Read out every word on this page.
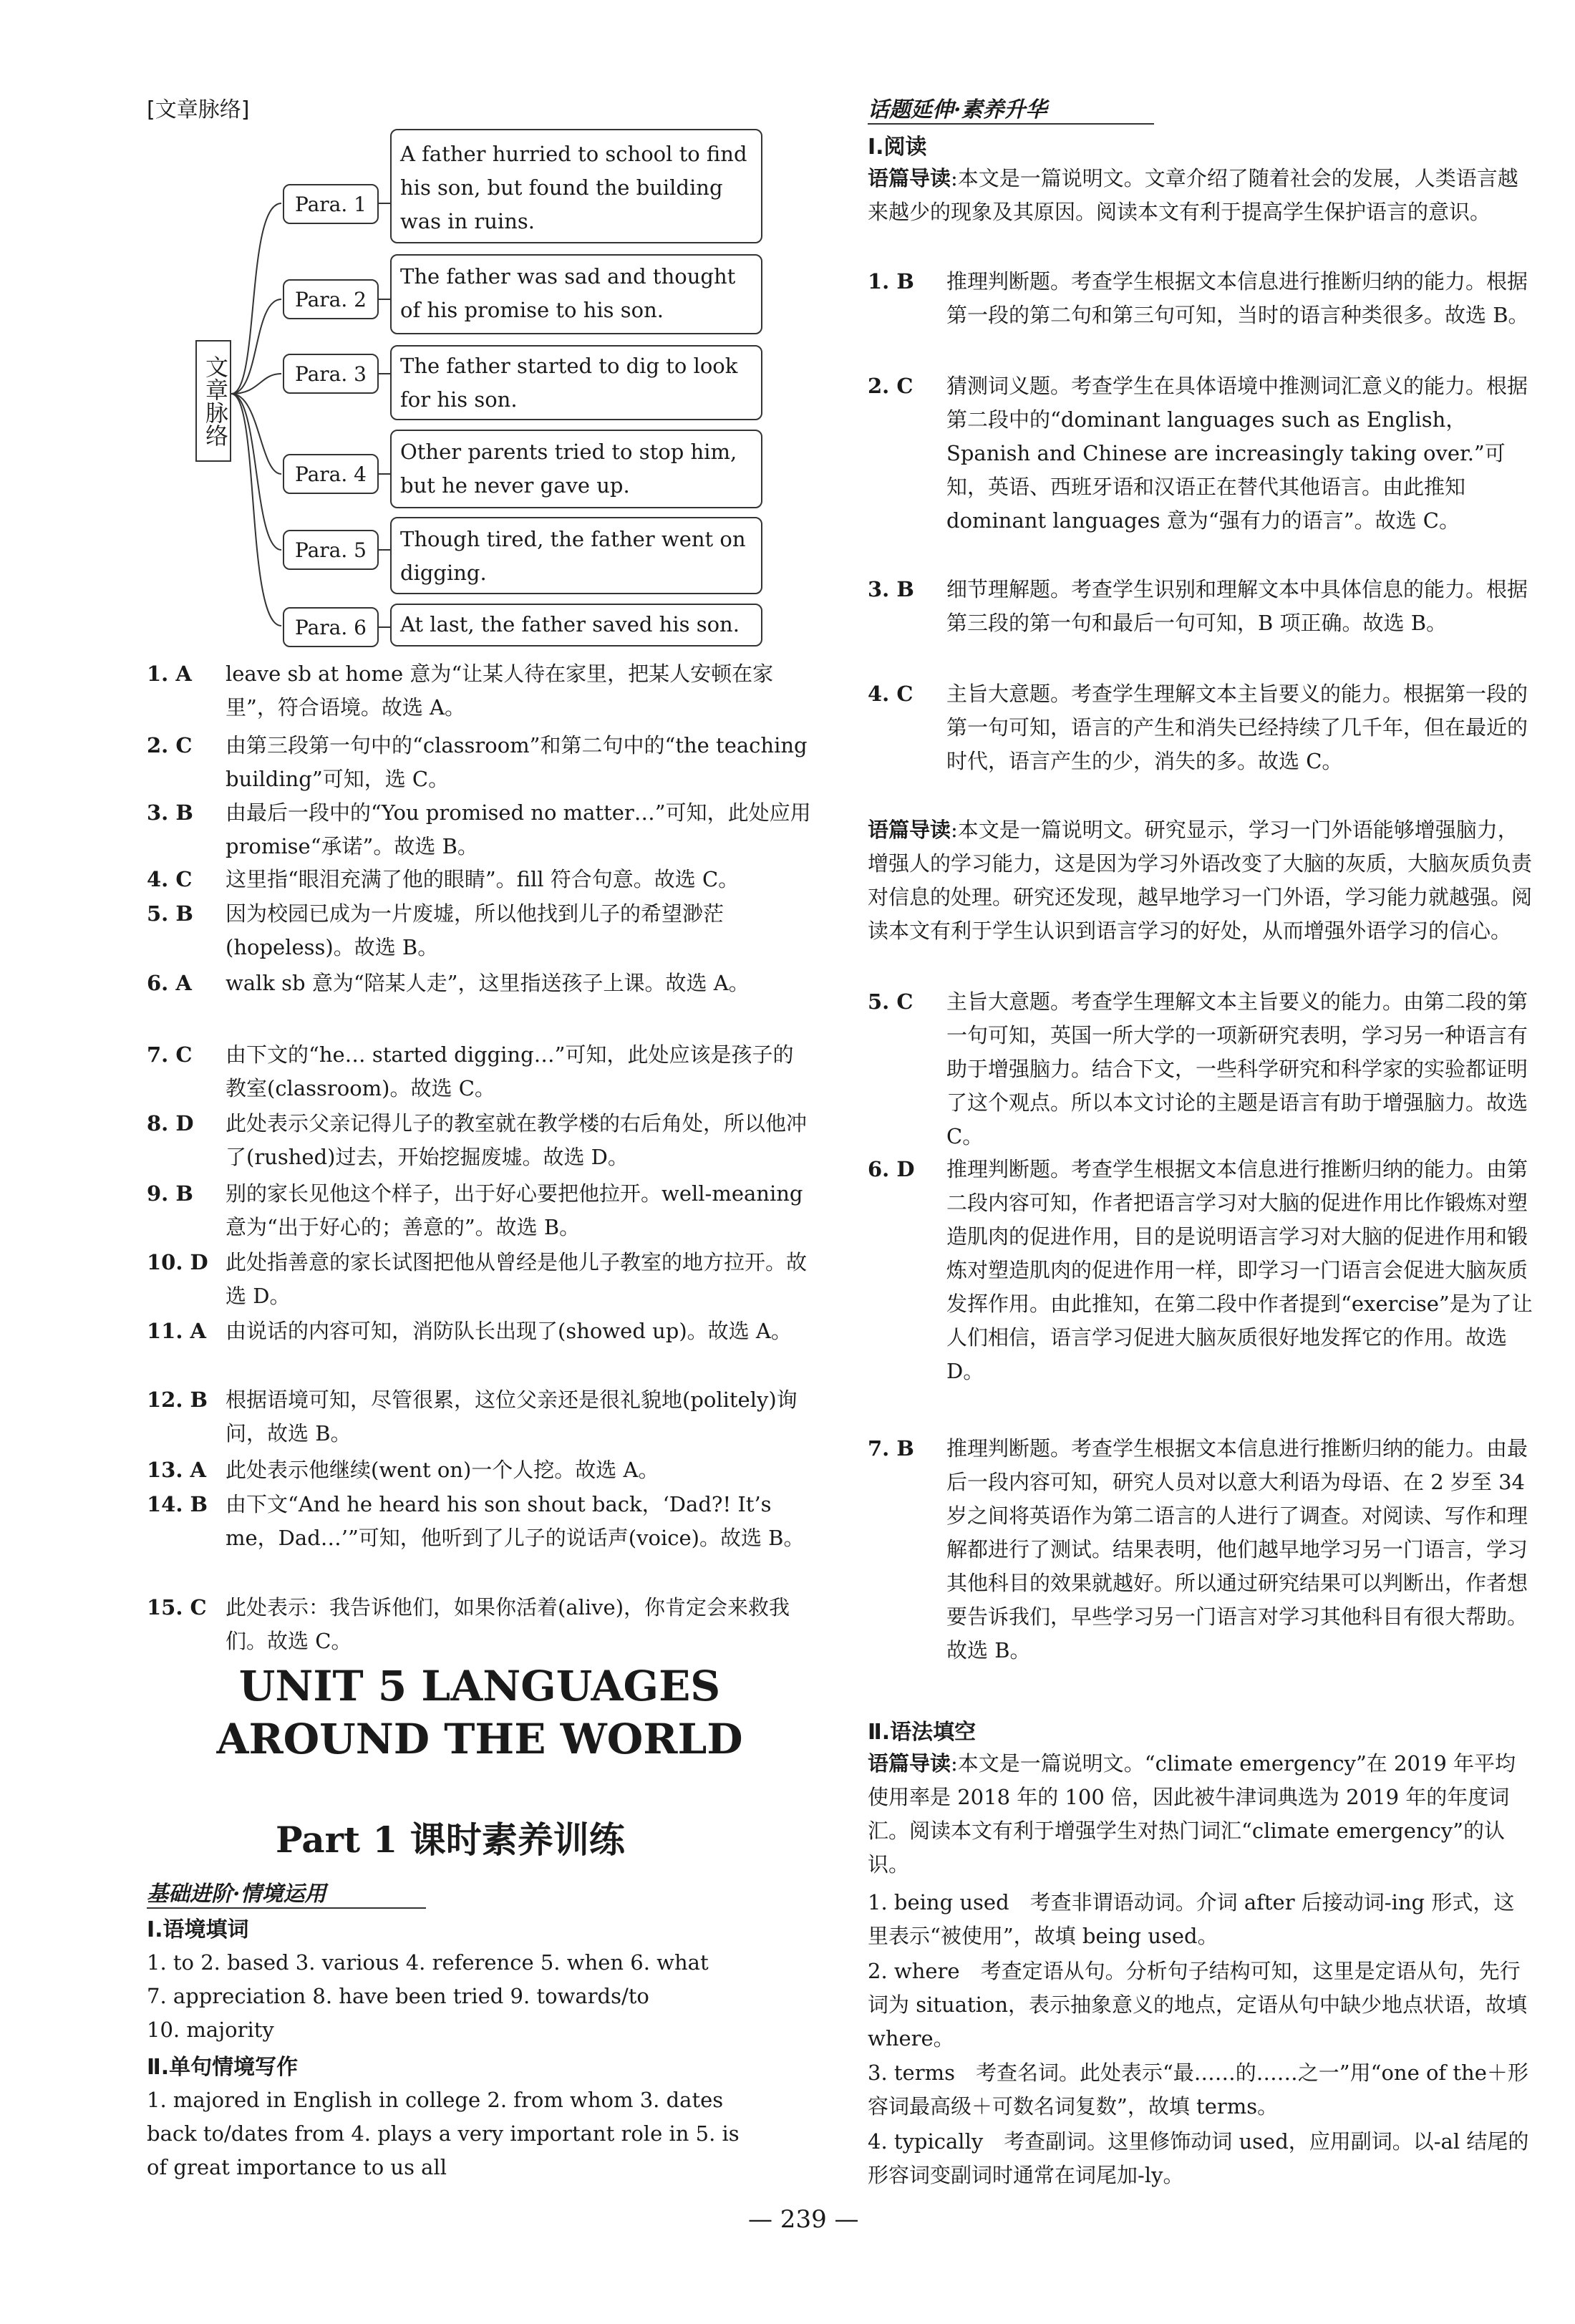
[文章脉络]
文章脉络
Para. 1
Para. 2
Para. 3
Para. 4
Para. 5
Para. 6
A father hurried to school to find his son, but found the building was in ruins.
The father was sad and thought of his promise to his son.
The father started to dig to look for his son.
Other parents tried to stop him, but he never gave up.
Though tired, the father went on digging.
At last, the father saved his son.
1. A leave sb at home 意为“让某人待在家里，把某人安顿在家里”，符合语境。故选 A。
2. C 由第三段第一句中的“classroom”和第二句中的“the teaching building”可知，选 C。
3. B 由最后一段中的“You promised no matter…”可知，此处应用 promise“承诺”。故选 B。
4. C 这里指“眼泪充满了他的眼睛”。fill 符合句意。故选 C。
5. B 因为校园已成为一片废墟，所以他找到儿子的希望渺茫(hopeless)。故选 B。
6. A walk sb 意为“陪某人走”，这里指送孩子上课。故选 A。
7. C 由下文的“he… started digging…”可知，此处应该是孩子的教室(classroom)。故选 C。
8. D 此处表示父亲记得儿子的教室就在教学楼的右后角处，所以他冲了(rushed)过去，开始挖掘废墟。故选 D。
9. B 别的家长见他这个样子，出于好心要把他拉开。well-meaning 意为“出于好心的；善意的”。故选 B。
10. D 此处指善意的家长试图把他从曾经是他儿子教室的地方拉开。故选 D。
11. A 由说话的内容可知，消防队长出现了(showed up)。故选 A。
12. B 根据语境可知，尽管很累，这位父亲还是很礼貌地(politely)询问，故选 B。
13. A 此处表示他继续(went on)一个人挖。故选 A。
14. B 由下文“And he heard his son shout back，‘Dad?! It’s me，Dad…’”可知，他听到了儿子的说话声(voice)。故选 B。
15. C 此处表示：我告诉他们，如果你活着(alive)，你肯定会来救我们。故选 C。
UNIT 5 LANGUAGES
AROUND THE WORLD
Part 1 课时素养训练
基础进阶·情境运用
Ⅰ.语境填词
1. to 2. based 3. various 4. reference 5. when 6. what
7. appreciation 8. have been tried 9. towards/to
10. majority
Ⅱ.单句情境写作
1. majored in English in college 2. from whom 3. dates
back to/dates from 4. plays a very important role in 5. is
of great importance to us all
话题延伸·素养升华
Ⅰ.阅读
语篇导读:本文是一篇说明文。文章介绍了随着社会的发展，人类语言越来越少的现象及其原因。阅读本文有利于提高学生保护语言的意识。
1. B 推理判断题。考查学生根据文本信息进行推断归纳的能力。根据第一段的第二句和第三句可知，当时的语言种类很多。故选 B。
2. C 猜测词义题。考查学生在具体语境中推测词汇意义的能力。根据第二段中的“dominant languages such as English，Spanish and Chinese are increasingly taking over.”可知，英语、西班牙语和汉语正在替代其他语言。由此推知 dominant languages 意为“强有力的语言”。故选 C。
3. B 细节理解题。考查学生识别和理解文本中具体信息的能力。根据第三段的第一句和最后一句可知，B 项正确。故选 B。
4. C 主旨大意题。考查学生理解文本主旨要义的能力。根据第一段的第一句可知，语言的产生和消失已经持续了几千年，但在最近的时代，语言产生的少，消失的多。故选 C。
语篇导读:本文是一篇说明文。研究显示，学习一门外语能够增强脑力，增强人的学习能力，这是因为学习外语改变了大脑的灰质，大脑灰质负责对信息的处理。研究还发现，越早地学习一门外语，学习能力就越强。阅读本文有利于学生认识到语言学习的好处，从而增强外语学习的信心。
5. C 主旨大意题。考查学生理解文本主旨要义的能力。由第二段的第一句可知，英国一所大学的一项新研究表明，学习另一种语言有助于增强脑力。结合下文，一些科学研究和科学家的实验都证明了这个观点。所以本文讨论的主题是语言有助于增强脑力。故选 C。
6. D 推理判断题。考查学生根据文本信息进行推断归纳的能力。由第二段内容可知，作者把语言学习对大脑的促进作用比作锻炼对塑造肌肉的促进作用，目的是说明语言学习对大脑的促进作用和锻炼对塑造肌肉的促进作用一样，即学习一门语言会促进大脑灰质发挥作用。由此推知，在第二段中作者提到“exercise”是为了让人们相信，语言学习促进大脑灰质很好地发挥它的作用。故选 D。
7. B 推理判断题。考查学生根据文本信息进行推断归纳的能力。由最后一段内容可知，研究人员对以意大利语为母语、在 2 岁至 34 岁之间将英语作为第二语言的人进行了调查。对阅读、写作和理解都进行了测试。结果表明，他们越早地学习另一门语言，学习其他科目的效果就越好。所以通过研究结果可以判断出，作者想要告诉我们，早些学习另一门语言对学习其他科目有很大帮助。故选 B。
Ⅱ.语法填空
语篇导读:本文是一篇说明文。“climate emergency”在 2019 年平均使用率是 2018 年的 100 倍，因此被牛津词典选为 2019 年的年度词汇。阅读本文有利于增强学生对热门词汇“climate emergency”的认识。
1. being used　 考查非谓语动词。介词 after 后接动词-ing 形式，这里表示“被使用”，故填 being used。
2. where　 考查定语从句。分析句子结构可知，这里是定语从句，先行词为 situation，表示抽象意义的地点，定语从句中缺少地点状语，故填 where。
3. terms　 考查名词。此处表示“最……的……之一”用“one of the＋形容词最高级＋可数名词复数”，故填 terms。
4. typically　 考查副词。这里修饰动词 used，应用副词。以-al 结尾的形容词变副词时通常在词尾加-ly。
— 239 —
